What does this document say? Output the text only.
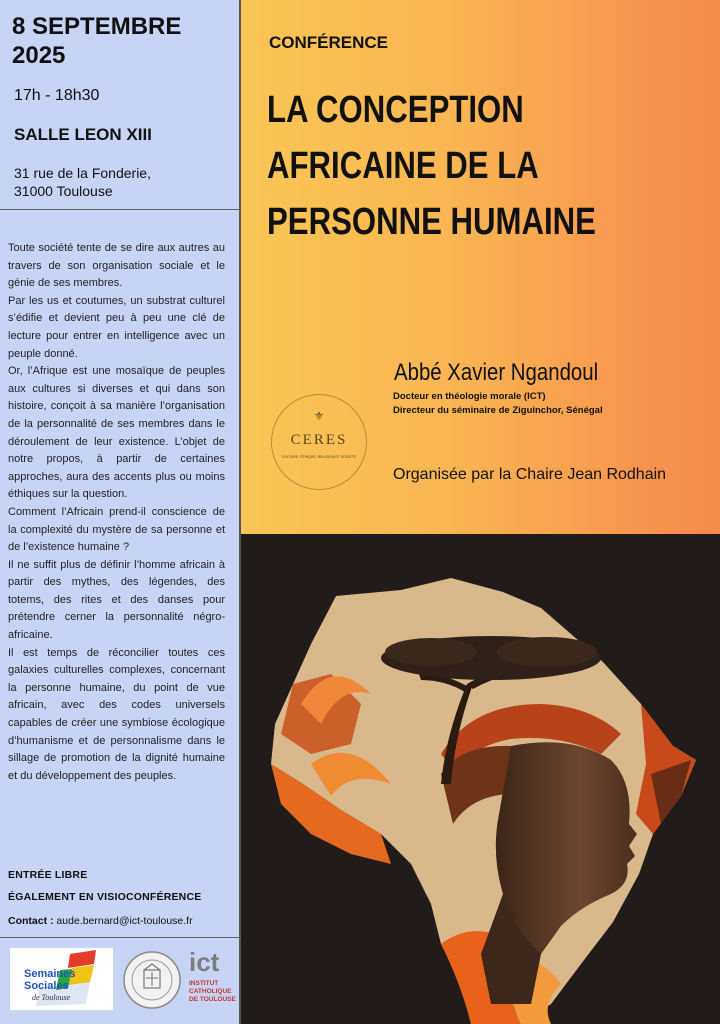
8 SEPTEMBRE 2025
17h - 18h30
SALLE LEON XIII
31 rue de la Fonderie,
31000 Toulouse

Toute société tente de se dire aux autres au travers de son organisation sociale et le génie de ses membres.

Par les us et coutumes, un substrat culturel s’édifie et devient peu à peu une clé de lecture pour entrer en intelligence avec un peuple donné.

Or, l’Afrique est une mosaïque de peuples aux cultures si diverses et qui dans son histoire, conçoit à sa manière l’organisation de la personnalité de ses membres dans le déroulement de leur existence. L’objet de notre propos, à partir de certaines approches, aura des accents plus ou moins éthiques sur la question.

Comment l’Africain prend-il conscience de la complexité du mystère de sa personne et de l’existence humaine ?

Il ne suffit plus de définir l’homme africain à partir des mythes, des légendes, des totems, des rites et des danses pour prétendre cerner la personnalité négro-africaine.

Il est temps de réconcilier toutes ces galaxies culturelles complexes, concernant la personne humaine, du point de vue africain, avec des codes universels capables de créer une symbiose écologique d’humanisme et de personnalisme dans le sillage de promotion de la dignité humaine et du développement des peuples.

ENTRÉE LIBRE
ÉGALEMENT EN VISIOCONFÉRENCE
Contact : aude.bernard@ict-toulouse.fr
Semaines
Sociales
de Toulouse
ict
INSTITUT
CATHOLIQUE
DE TOULOUSE
CONFÉRENCE
LA CONCEPTION
AFRICAINE DE LA
PERSONNE HUMAINE
⚜
CERES
CULTURE, ÉTHIQUE, RELIGION ET SOCIÉTÉ
Abbé Xavier Ngandoul
Docteur en théologie morale (ICT)
Directeur du séminaire de Ziguinchor, Sénégal
Organisée par la Chaire Jean Rodhain
